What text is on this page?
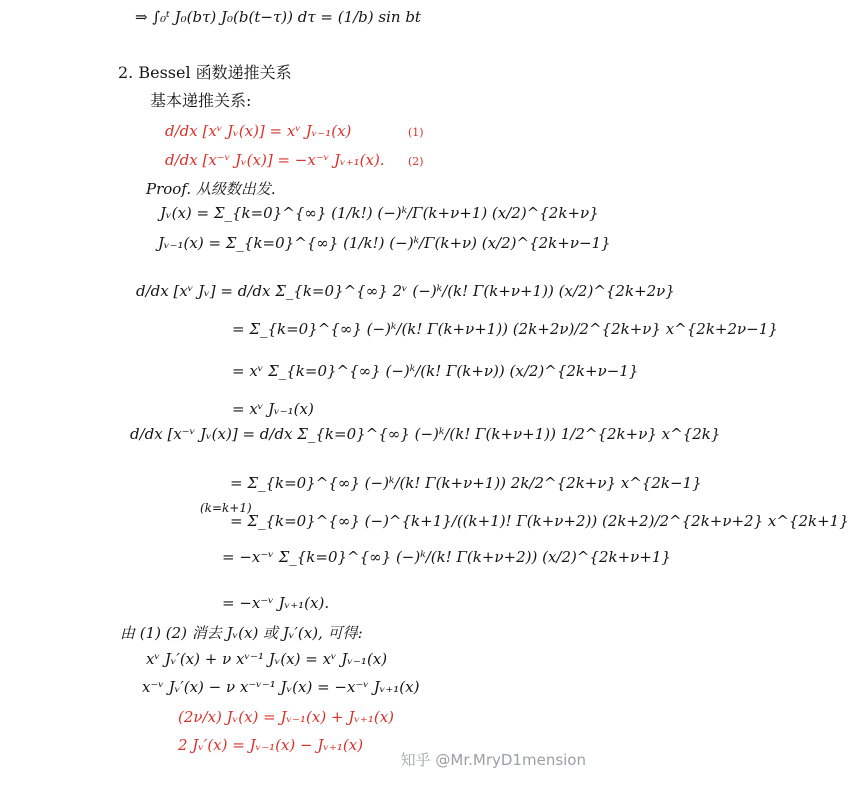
⇒ ∫₀ᵗ J₀(bτ) J₀(b(t−τ)) dτ = (1/b) sin bt
2. Bessel 函数递推关系
基本递推关系:
d/dx [xᵛ Jᵥ(x)] = xᵛ Jᵥ₋₁(x)	(1)
d/dx [x⁻ᵛ Jᵥ(x)] = −x⁻ᵛ Jᵥ₊₁(x). (2)
Proof. 从级数出发.
Jᵥ(x) = Σ_{k=0}^{∞} (1/k!) (−)ᵏ/Γ(k+ν+1) (x/2)^{2k+ν}
Jᵥ₋₁(x) = Σ_{k=0}^{∞} (1/k!) (−)ᵏ/Γ(k+ν) (x/2)^{2k+ν−1}
d/dx [xᵛ Jᵥ] = d/dx Σ_{k=0}^{∞} 2ᵛ (−)ᵏ/(k! Γ(k+ν+1)) (x/2)^{2k+2ν}
= Σ_{k=0}^{∞} (−)ᵏ/(k! Γ(k+ν+1)) (2k+2ν)/2^{2k+ν} x^{2k+2ν−1}
= xᵛ Σ_{k=0}^{∞} (−)ᵏ/(k! Γ(k+ν)) (x/2)^{2k+ν−1}
= xᵛ Jᵥ₋₁(x)
d/dx [x⁻ᵛ Jᵥ(x)] = d/dx Σ_{k=0}^{∞} (−)ᵏ/(k! Γ(k+ν+1)) 1/2^{2k+ν} x^{2k}
= Σ_{k=0}^{∞} (−)ᵏ/(k! Γ(k+ν+1)) 2k/2^{2k+ν} x^{2k−1}
(k=k+1)
= Σ_{k=0}^{∞} (−)^{k+1}/((k+1)! Γ(k+ν+2)) (2k+2)/2^{2k+ν+2} x^{2k+1}
= −x⁻ᵛ Σ_{k=0}^{∞} (−)ᵏ/(k! Γ(k+ν+2)) (x/2)^{2k+ν+1}
= −x⁻ᵛ Jᵥ₊₁(x).
由 (1) (2) 消去 Jᵥ(x) 或 Jᵥ′(x), 可得:
xᵛ Jᵥ′(x) + ν xᵛ⁻¹ Jᵥ(x) = xᵛ Jᵥ₋₁(x)
x⁻ᵛ Jᵥ′(x) − ν x⁻ᵛ⁻¹ Jᵥ(x) = −x⁻ᵛ Jᵥ₊₁(x)
(2ν/x) Jᵥ(x) = Jᵥ₋₁(x) + Jᵥ₊₁(x)
2 Jᵥ′(x) = Jᵥ₋₁(x) − Jᵥ₊₁(x)
知乎 @Mr.MryD1mension
